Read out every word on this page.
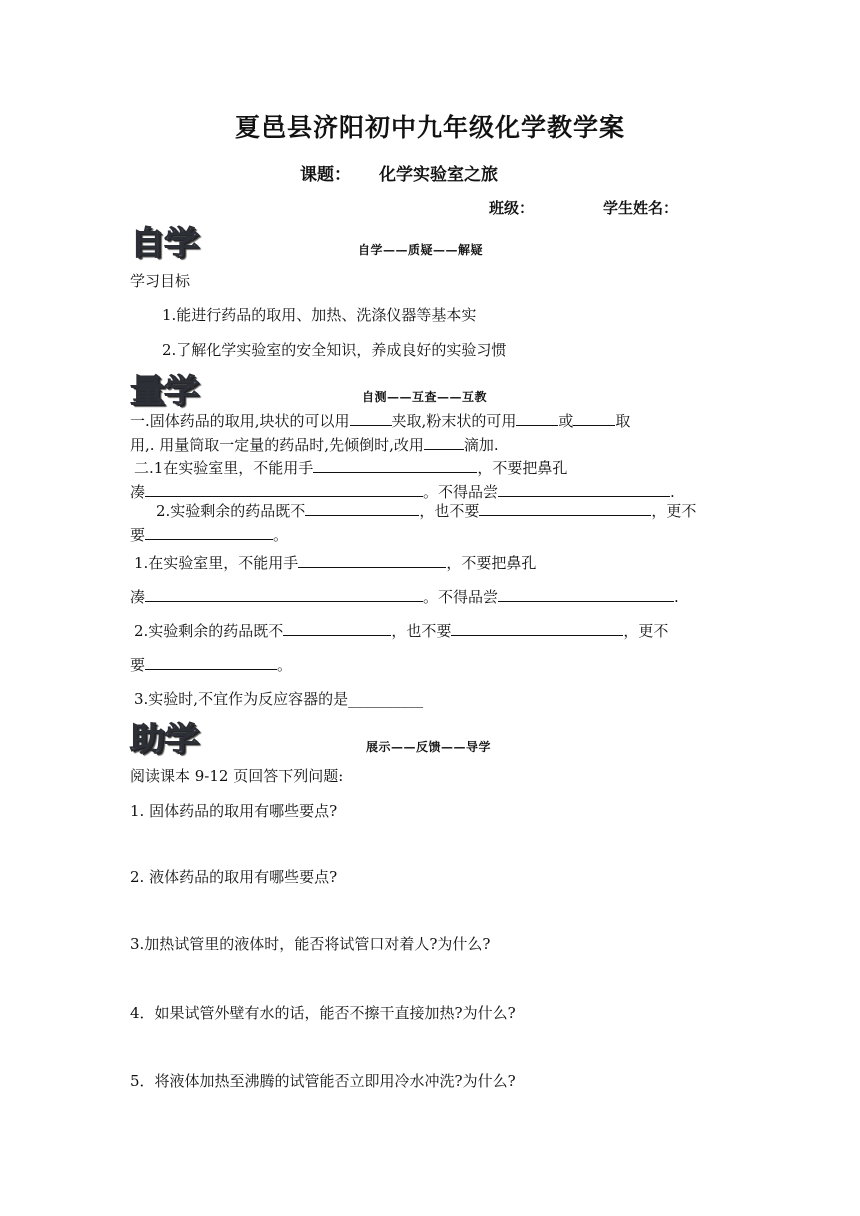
夏邑县济阳初中九年级化学教学案
课题： 化学实验室之旅
班级：	学生姓名：
自学	自学——质疑——解疑
学习目标
1.能进行药品的取用、加热、洗涤仪器等基本实
2.了解化学实验室的安全知识，养成良好的实验习惯
量学	自测——互查——互教
一.固体药品的取用,块状的可以用	夹取,粉末状的可用	或	取
用,. 用量筒取一定量的药品时,先倾倒时,改用	滴加.
二.1在实验室里，不能用手	，不要把鼻孔
凑	。不得品尝	.
2.实验剩余的药品既不	，也不要	，更不
要	。
1.在实验室里，不能用手	，不要把鼻孔
凑	。不得品尝	.
2.实验剩余的药品既不	，也不要	，更不
要	。
3.实验时,不宜作为反应容器的是__________
助学	展示——反馈——导学
阅读课本 9-12 页回答下列问题:
1. 固体药品的取用有哪些要点?
2. 液体药品的取用有哪些要点?
3.加热试管里的液体时，能否将试管口对着人?为什么?
4．如果试管外壁有水的话，能否不擦干直接加热?为什么?
5．将液体加热至沸腾的试管能否立即用冷水冲洗?为什么?
